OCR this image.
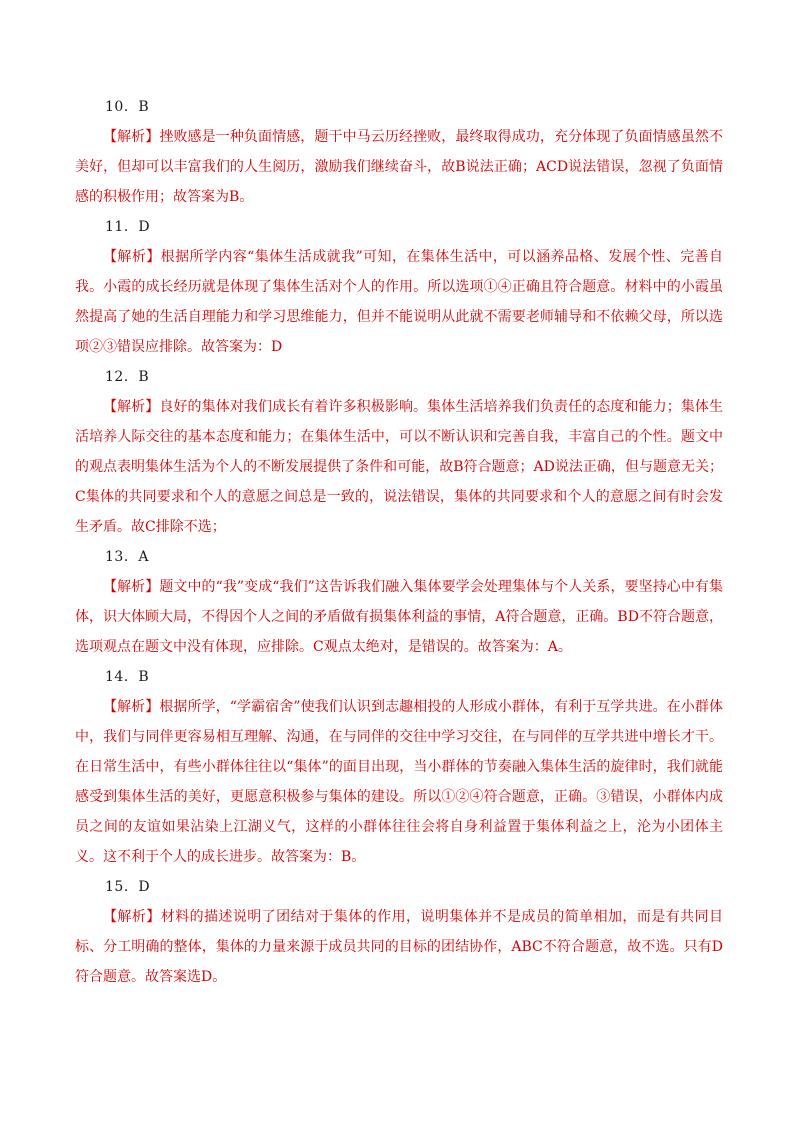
10．B

【解析】挫败感是一种负面情感，题干中马云历经挫败，最终取得成功，充分体现了负面情感虽然不美好，但却可以丰富我们的人生阅历，激励我们继续奋斗，故B说法正确；ACD说法错误，忽视了负面情感的积极作用；故答案为B。

11．D

【解析】根据所学内容“集体生活成就我”可知，在集体生活中，可以涵养品格、发展个性、完善自我。小霞的成长经历就是体现了集体生活对个人的作用。所以选项①④正确且符合题意。材料中的小霞虽然提高了她的生活自理能力和学习思维能力，但并不能说明从此就不需要老师辅导和不依赖父母，所以选项②③错误应排除。故答案为：D

12．B

【解析】良好的集体对我们成长有着许多积极影响。集体生活培养我们负责任的态度和能力；集体生活培养人际交往的基本态度和能力；在集体生活中，可以不断认识和完善自我，丰富自己的个性。题文中的观点表明集体生活为个人的不断发展提供了条件和可能，故B符合题意；AD说法正确，但与题意无关；C集体的共同要求和个人的意愿之间总是一致的，说法错误，集体的共同要求和个人的意愿之间有时会发生矛盾。故C排除不选；

13．A

【解析】题文中的“我”变成“我们”这告诉我们融入集体要学会处理集体与个人关系，要坚持心中有集体，识大体顾大局，不得因个人之间的矛盾做有损集体利益的事情，A符合题意，正确。BD不符合题意，选项观点在题文中没有体现，应排除。C观点太绝对，是错误的。故答案为：A。

14．B

【解析】根据所学，“学霸宿舍”使我们认识到志趣相投的人形成小群体，有利于互学共进。在小群体中，我们与同伴更容易相互理解、沟通，在与同伴的交往中学习交往，在与同伴的互学共进中增长才干。在日常生活中，有些小群体往往以“集体”的面目出现，当小群体的节奏融入集体生活的旋律时，我们就能感受到集体生活的美好，更愿意积极参与集体的建设。所以①②④符合题意，正确。③错误，小群体内成员之间的友谊如果沾染上江湖义气，这样的小群体往往会将自身利益置于集体利益之上，沦为小团体主义。这不利于个人的成长进步。故答案为：B。

15．D

【解析】材料的描述说明了团结对于集体的作用，说明集体并不是成员的简单相加，而是有共同目标、分工明确的整体，集体的力量来源于成员共同的目标的团结协作，ABC不符合题意，故不选。只有D符合题意。故答案选D。
